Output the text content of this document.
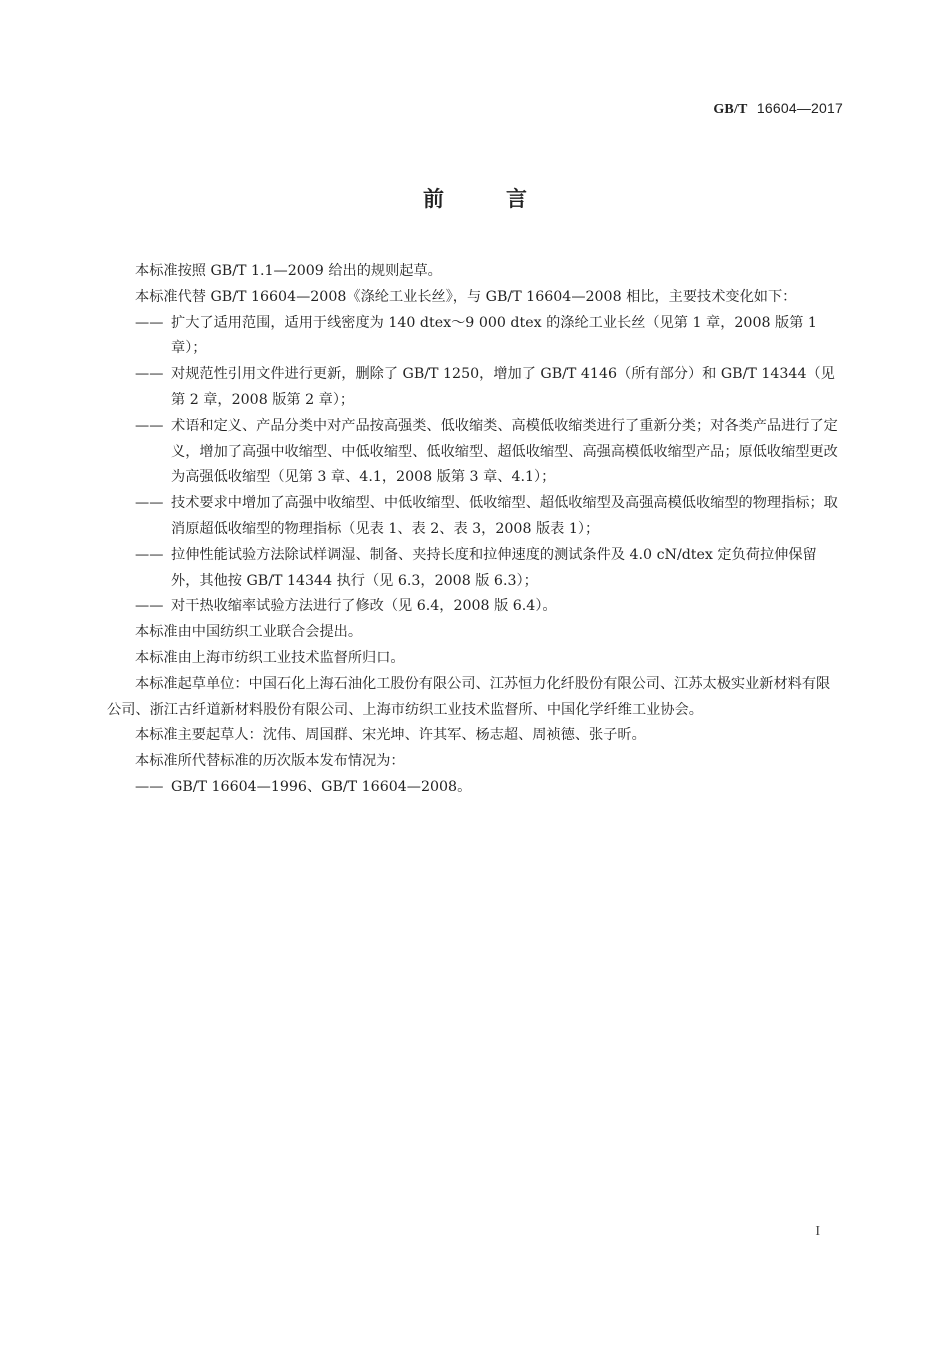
GB/T 16604—2017
前言

本标准按照 GB/T 1.1—2009 给出的规则起草。

本标准代替 GB/T 16604—2008《涤纶工业长丝》，与 GB/T 16604—2008 相比，主要技术变化如下：

—— 扩大了适用范围，适用于线密度为 140 dtex～9 000 dtex 的涤纶工业长丝（见第 1 章，2008 版第 1 章）；
—— 对规范性引用文件进行更新，删除了 GB/T 1250，增加了 GB/T 4146（所有部分）和 GB/T 14344（见第 2 章，2008 版第 2 章）；
—— 术语和定义、产品分类中对产品按高强类、低收缩类、高模低收缩类进行了重新分类；对各类产品进行了定义，增加了高强中收缩型、中低收缩型、低收缩型、超低收缩型、高强高模低收缩型产品；原低收缩型更改为高强低收缩型（见第 3 章、4.1，2008 版第 3 章、4.1）；
—— 技术要求中增加了高强中收缩型、中低收缩型、低收缩型、超低收缩型及高强高模低收缩型的物理指标；取消原超低收缩型的物理指标（见表 1、表 2、表 3，2008 版表 1）；
—— 拉伸性能试验方法除试样调湿、制备、夹持长度和拉伸速度的测试条件及 4.0 cN/dtex 定负荷拉伸保留外，其他按 GB/T 14344 执行（见 6.3，2008 版 6.3）；
—— 对干热收缩率试验方法进行了修改（见 6.4，2008 版 6.4）。

本标准由中国纺织工业联合会提出。

本标准由上海市纺织工业技术监督所归口。

本标准起草单位：中国石化上海石油化工股份有限公司、江苏恒力化纤股份有限公司、江苏太极实业新材料有限公司、浙江古纤道新材料股份有限公司、上海市纺织工业技术监督所、中国化学纤维工业协会。

本标准主要起草人：沈伟、周国群、宋光坤、许其军、杨志超、周祯德、张子昕。

本标准所代替标准的历次版本发布情况为：

—— GB/T 16604—1996、GB/T 16604—2008。
I
